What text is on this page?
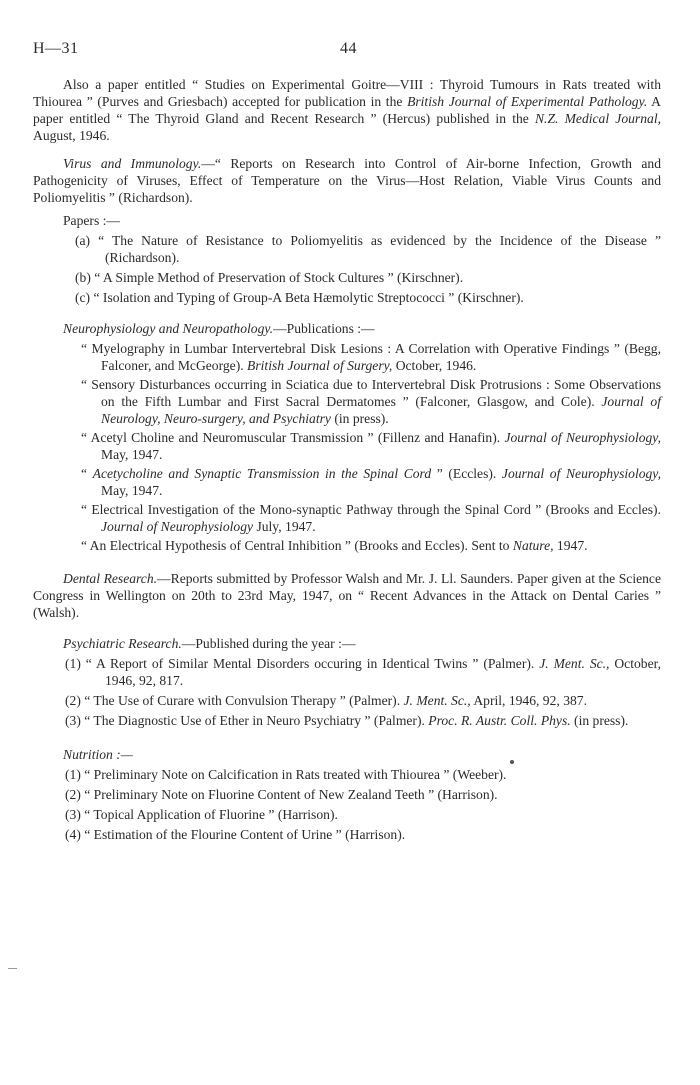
H—31	44

Also a paper entitled “ Studies on Experimental Goitre—VIII : Thyroid Tumours in Rats treated with Thiourea ” (Purves and Griesbach) accepted for publication in the British Journal of Experimental Pathology. A paper entitled “ The Thyroid Gland and Recent Research ” (Hercus) published in the N.Z. Medical Journal, August, 1946.

Virus and Immunology.—“ Reports on Research into Control of Air-borne Infection, Growth and Pathogenicity of Viruses, Effect of Temperature on the Virus—Host Relation, Viable Virus Counts and Poliomyelitis ” (Richardson).

Papers :—

(a) “ The Nature of Resistance to Poliomyelitis as evidenced by the Incidence of the Disease ” (Richardson).

(b) “ A Simple Method of Preservation of Stock Cultures ” (Kirschner).

(c) “ Isolation and Typing of Group-A Beta Hæmolytic Streptococci ” (Kirschner).

Neurophysiology and Neuropathology.—Publications :—

“ Myelography in Lumbar Intervertebral Disk Lesions : A Correlation with Operative Findings ” (Begg, Falconer, and McGeorge). British Journal of Surgery, October, 1946.

“ Sensory Disturbances occurring in Sciatica due to Intervertebral Disk Protrusions : Some Observations on the Fifth Lumbar and First Sacral Dermatomes ” (Falconer, Glasgow, and Cole). Journal of Neurology, Neuro-surgery, and Psychiatry (in press).

“ Acetyl Choline and Neuromuscular Transmission ” (Fillenz and Hanafin). Journal of Neurophysiology, May, 1947.

“ Acetycholine and Synaptic Transmission in the Spinal Cord ” (Eccles). Journal of Neurophysiology, May, 1947.

“ Electrical Investigation of the Mono-synaptic Pathway through the Spinal Cord ” (Brooks and Eccles). Journal of Neurophysiology July, 1947.

“ An Electrical Hypothesis of Central Inhibition ” (Brooks and Eccles). Sent to Nature, 1947.

Dental Research.—Reports submitted by Professor Walsh and Mr. J. Ll. Saunders. Paper given at the Science Congress in Wellington on 20th to 23rd May, 1947, on “ Recent Advances in the Attack on Dental Caries ” (Walsh).

Psychiatric Research.—Published during the year :—

(1) “ A Report of Similar Mental Disorders occuring in Identical Twins ” (Palmer). J. Ment. Sc., October, 1946, 92, 817.

(2) “ The Use of Curare with Convulsion Therapy ” (Palmer). J. Ment. Sc., April, 1946, 92, 387.

(3) “ The Diagnostic Use of Ether in Neuro Psychiatry ” (Palmer). Proc. R. Austr. Coll. Phys. (in press).

Nutrition :—

(1) “ Preliminary Note on Calcification in Rats treated with Thiourea ” (Weeber).

(2) “ Preliminary Note on Fluorine Content of New Zealand Teeth ” (Harrison).

(3) “ Topical Application of Fluorine ” (Harrison).

(4) “ Estimation of the Flourine Content of Urine ” (Harrison).
